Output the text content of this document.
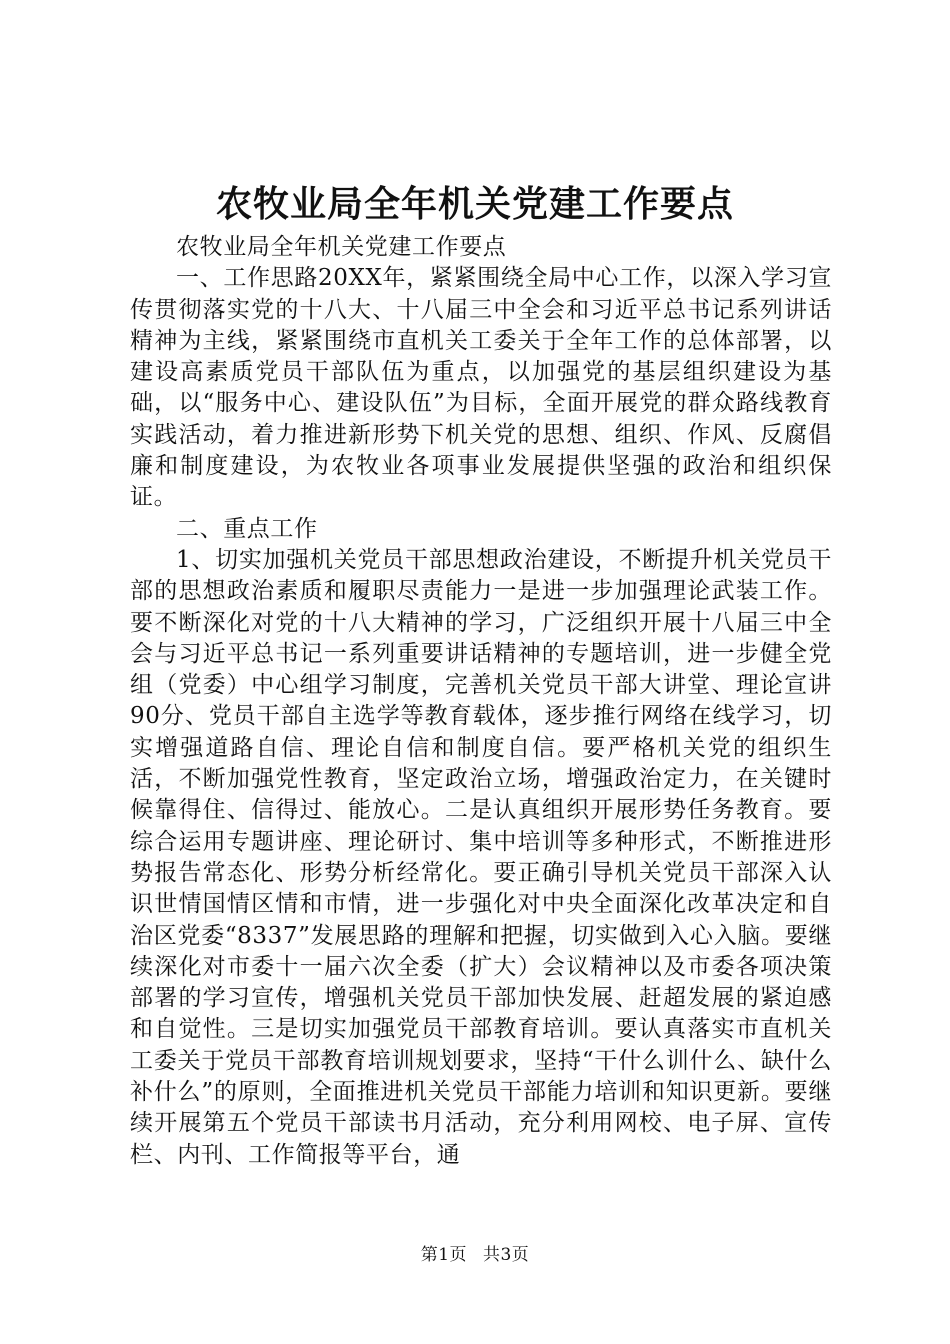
农牧业局全年机关党建工作要点

农牧业局全年机关党建工作要点

一、工作思路20XX年，紧紧围绕全局中心工作，以深入学习宣传贯彻落实党的十八大、十八届三中全会和习近平总书记系列讲话精神为主线，紧紧围绕市直机关工委关于全年工作的总体部署，以建设高素质党员干部队伍为重点，以加强党的基层组织建设为基础，以“服务中心、建设队伍”为目标，全面开展党的群众路线教育实践活动，着力推进新形势下机关党的思想、组织、作风、反腐倡廉和制度建设，为农牧业各项事业发展提供坚强的政治和组织保证。

二、重点工作

1、切实加强机关党员干部思想政治建设，不断提升机关党员干部的思想政治素质和履职尽责能力一是进一步加强理论武装工作。要不断深化对党的十八大精神的学习，广泛组织开展十八届三中全会与习近平总书记一系列重要讲话精神的专题培训，进一步健全党组（党委）中心组学习制度，完善机关党员干部大讲堂、理论宣讲90分、党员干部自主选学等教育载体，逐步推行网络在线学习，切实增强道路自信、理论自信和制度自信。要严格机关党的组织生活，不断加强党性教育，坚定政治立场，增强政治定力，在关键时候靠得住、信得过、能放心。二是认真组织开展形势任务教育。要综合运用专题讲座、理论研讨、集中培训等多种形式，不断推进形势报告常态化、形势分析经常化。要正确引导机关党员干部深入认识世情国情区情和市情，进一步强化对中央全面深化改革决定和自治区党委“8337”发展思路的理解和把握，切实做到入心入脑。要继续深化对市委十一届六次全委（扩大）会议精神以及市委各项决策部署的学习宣传，增强机关党员干部加快发展、赶超发展的紧迫感和自觉性。三是切实加强党员干部教育培训。要认真落实市直机关工委关于党员干部教育培训规划要求，坚持“干什么训什么、缺什么补什么”的原则，全面推进机关党员干部能力培训和知识更新。要继续开展第五个党员干部读书月活动，充分利用网校、电子屏、宣传栏、内刊、工作简报等平台，通

第1页 共3页
